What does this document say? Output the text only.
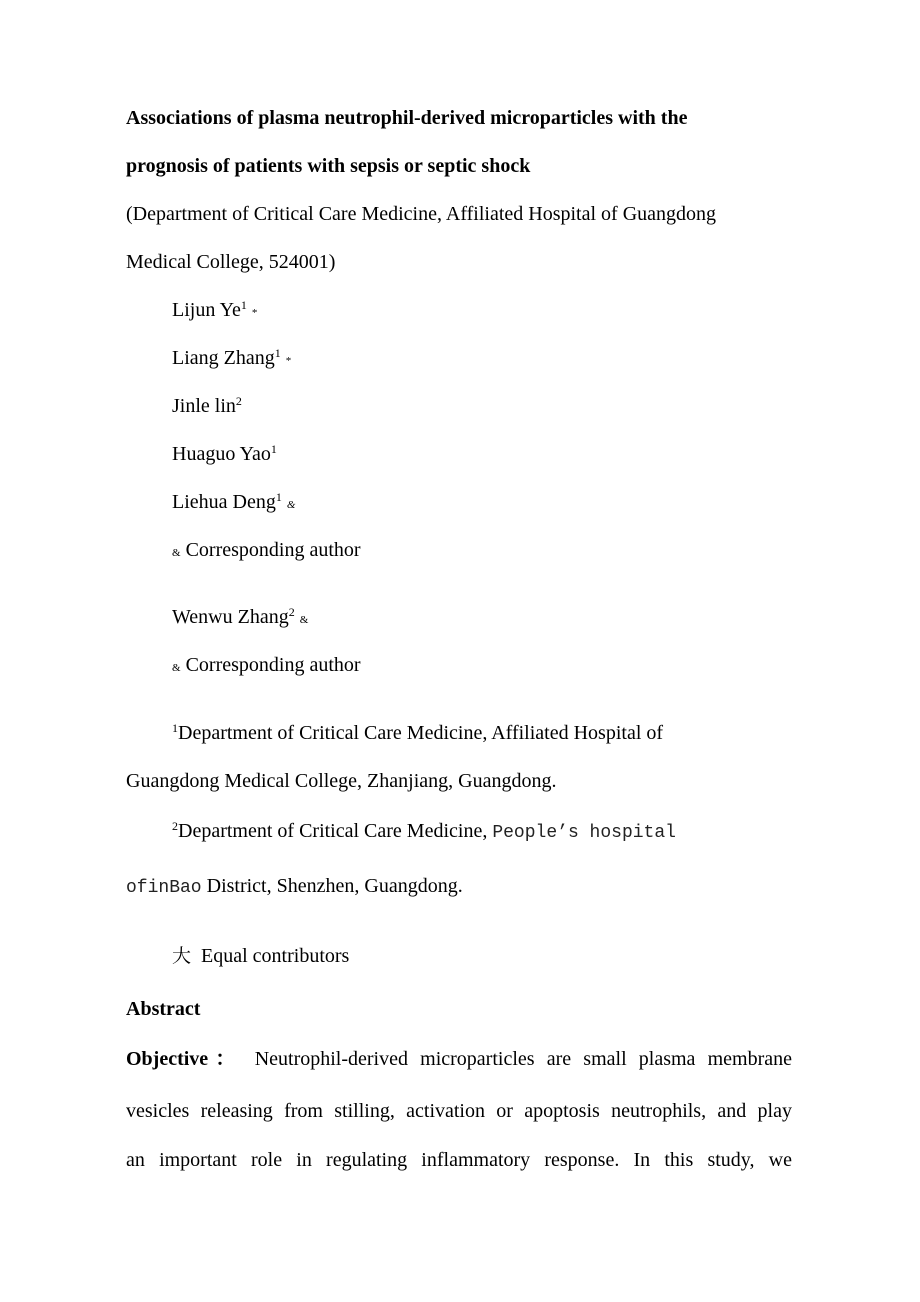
Associations of plasma neutrophil-derived microparticles with the
prognosis of patients with sepsis or septic shock
(Department of Critical Care Medicine, Affiliated Hospital of Guangdong
Medical College, 524001)
Lijun Ye$^1$ *
Liang Zhang$^1$ *
Jinle lin$^2$
Huaguo Yao$^1$
Liehua Deng$^1$ &
& Corresponding author
Wenwu Zhang$^2$ &
& Corresponding author
$^1$Department of Critical Care Medicine, Affiliated Hospital of
Guangdong Medical College, Zhanjiang, Guangdong.
$^2$Department of Critical Care Medicine, People’s hospital
ofinBao District, Shenzhen, Guangdong.
大 Equal contributors
Abstract
Objective： Neutrophil-derived microparticles are small plasma membrane
vesicles releasing from stilling, activation or apoptosis neutrophils, and play
an important role in regulating inflammatory response. In this study, we
